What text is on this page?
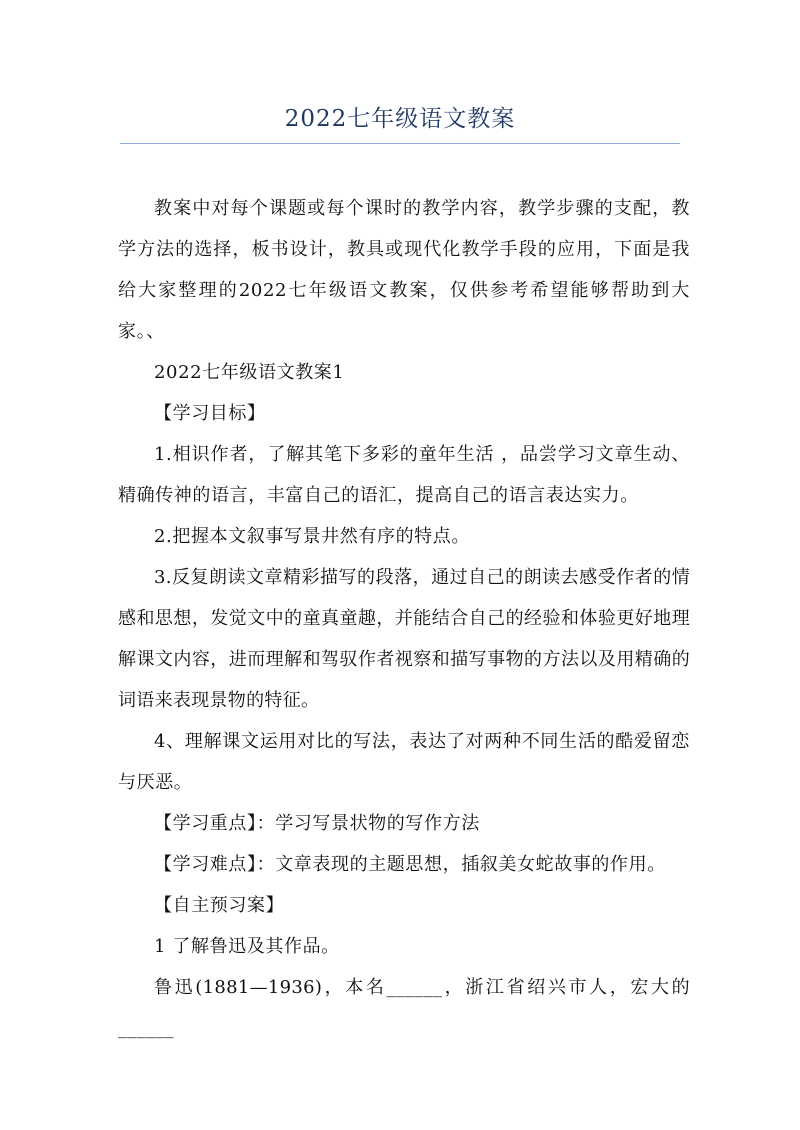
2022七年级语文教案

教案中对每个课题或每个课时的教学内容，教学步骤的支配，教学方法的选择，板书设计，教具或现代化教学手段的应用，下面是我给大家整理的2022七年级语文教案，仅供参考希望能够帮助到大家。、

2022七年级语文教案1

【学习目标】

1.相识作者，了解其笔下多彩的童年生活 ，品尝学习文章生动、精确传神的语言，丰富自己的语汇，提高自己的语言表达实力。

2.把握本文叙事写景井然有序的特点。

3.反复朗读文章精彩描写的段落，通过自己的朗读去感受作者的情感和思想，发觉文中的童真童趣，并能结合自己的经验和体验更好地理解课文内容，进而理解和驾驭作者视察和描写事物的方法以及用精确的词语来表现景物的特征。

4、理解课文运用对比的写法，表达了对两种不同生活的酷爱留恋与厌恶。

【学习重点】：学习写景状物的写作方法

【学习难点】：文章表现的主题思想，插叙美女蛇故事的作用。

【自主预习案】

1 了解鲁迅及其作品。

鲁迅(1881—1936)，本名______，浙江省绍兴市人，宏大的______
